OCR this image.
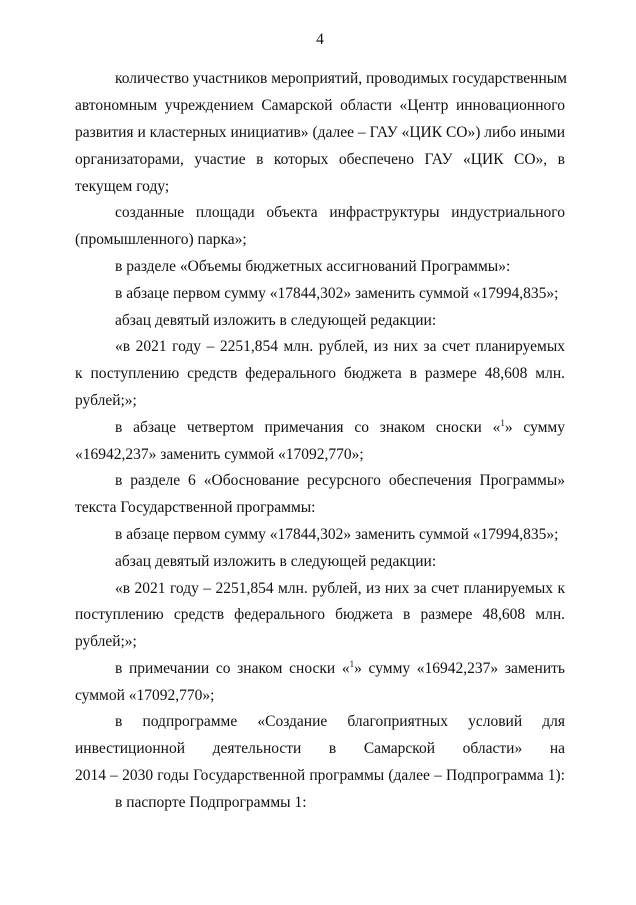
4
количество участников мероприятий, проводимых государственным
автономным учреждением Самарской области «Центр инновационного
развития и кластерных инициатив» (далее – ГАУ «ЦИК СО») либо иными
организаторами, участие в которых обеспечено ГАУ «ЦИК СО», в
текущем году;
созданные площади объекта инфраструктуры индустриального
(промышленного) парка»;
в разделе «Объемы бюджетных ассигнований Программы»:
в абзаце первом сумму «17844,302» заменить суммой «17994,835»;
абзац девятый изложить в следующей редакции:
«в 2021 году – 2251,854 млн. рублей, из них за счет планируемых
к поступлению средств федерального бюджета в размере 48,608 млн.
рублей;»;
в абзаце четвертом примечания со знаком сноски «$^1$» сумму
«16942,237» заменить суммой «17092,770»;
в разделе 6 «Обоснование ресурсного обеспечения Программы»
текста Государственной программы:
в абзаце первом сумму «17844,302» заменить суммой «17994,835»;
абзац девятый изложить в следующей редакции:
«в 2021 году – 2251,854 млн. рублей, из них за счет планируемых к
поступлению средств федерального бюджета в размере 48,608 млн.
рублей;»;
в примечании со знаком сноски «$^1$» сумму «16942,237» заменить
суммой «17092,770»;
в подпрограмме «Создание благоприятных условий для
инвестиционной деятельности в Самарской области» на
2014 – 2030 годы Государственной программы (далее – Подпрограмма 1):
в паспорте Подпрограммы 1:
